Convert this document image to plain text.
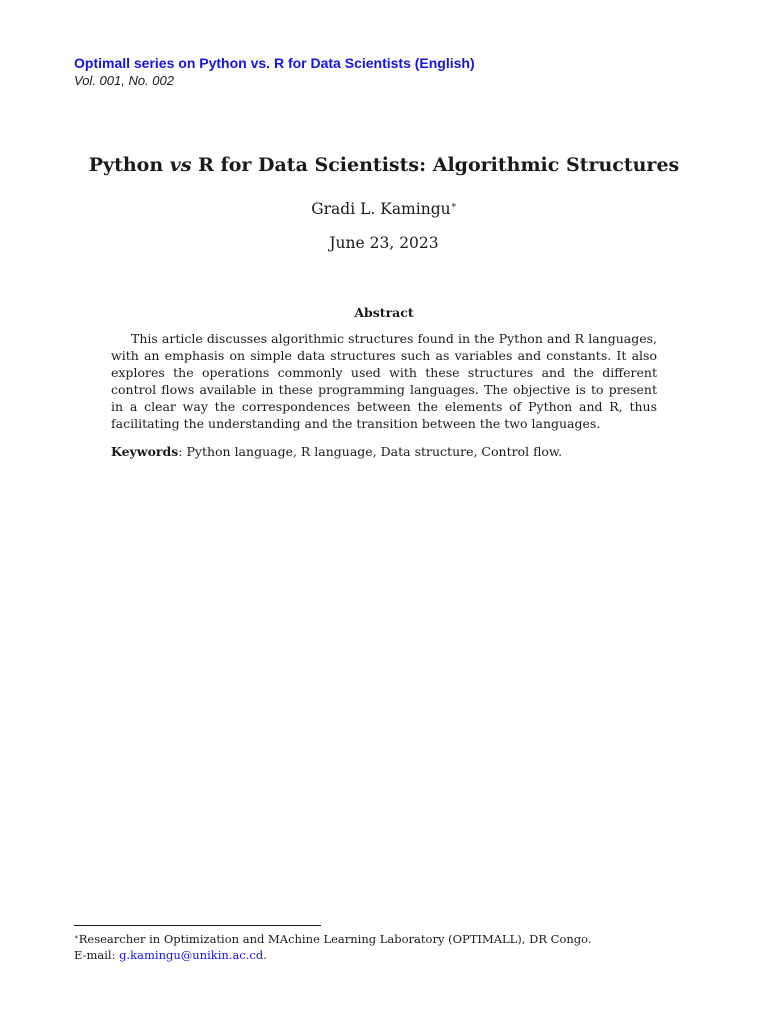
Optimall series on Python vs. R for Data Scientists (English)
Vol. 001, No. 002
Python vs R for Data Scientists: Algorithmic Structures
Gradi L. Kamingu∗
June 23, 2023
Abstract

This article discusses algorithmic structures found in the Python and R languages, with an emphasis on simple data structures such as variables and constants. It also explores the operations commonly used with these structures and the different control flows available in these programming languages. The objective is to present in a clear way the correspondences between the elements of Python and R, thus facilitating the understanding and the transition between the two languages.

Keywords: Python language, R language, Data structure, Control flow.
∗Researcher in Optimization and MAchine Learning Laboratory (OPTIMALL), DR Congo.
E-mail: g.kamingu@unikin.ac.cd.
